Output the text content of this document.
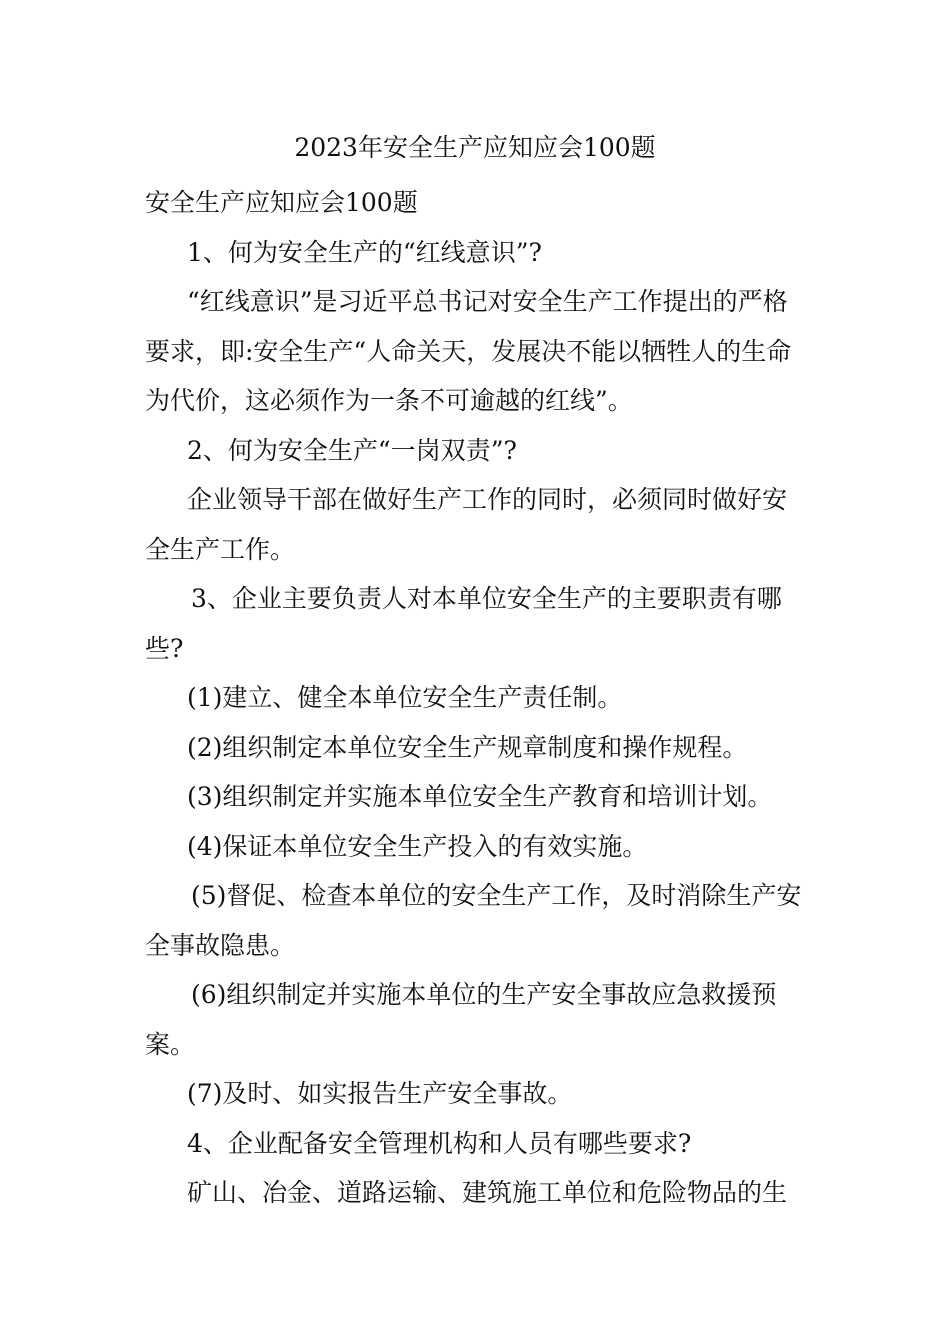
2023年安全生产应知应会100题

安全生产应知应会100题

1、何为安全生产的“红线意识”?

“红线意识”是习近平总书记对安全生产工作提出的严格要求，即:安全生产“人命关天，发展决不能以牺牲人的生命为代价，这必须作为一条不可逾越的红线”。

2、何为安全生产“一岗双责”?

企业领导干部在做好生产工作的同时，必须同时做好安全生产工作。

3、企业主要负责人对本单位安全生产的主要职责有哪些?

(1)建立、健全本单位安全生产责任制。

(2)组织制定本单位安全生产规章制度和操作规程。

(3)组织制定并实施本单位安全生产教育和培训计划。

(4)保证本单位安全生产投入的有效实施。

(5)督促、检查本单位的安全生产工作，及时消除生产安全事故隐患。

(6)组织制定并实施本单位的生产安全事故应急救援预案。

(7)及时、如实报告生产安全事故。

4、企业配备安全管理机构和人员有哪些要求?

矿山、冶金、道路运输、建筑施工单位和危险物品的生
